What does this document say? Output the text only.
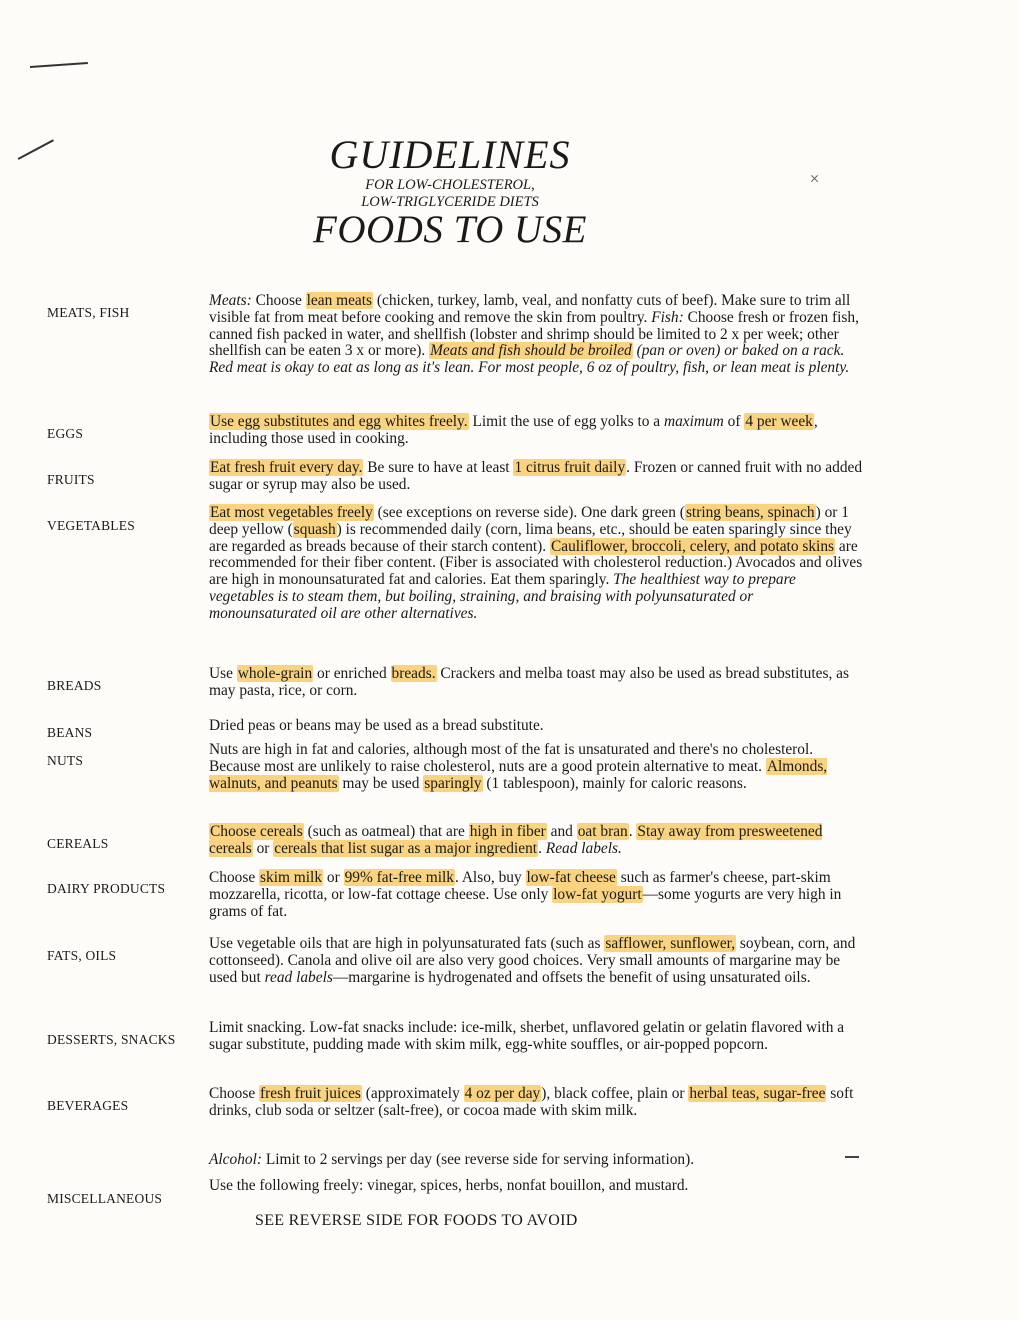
GUIDELINES
FOR LOW-CHOLESTEROL,
LOW-TRIGLYCERIDE DIETS
FOODS TO USE
MEATS, FISH
Meats: Choose lean meats (chicken, turkey, lamb, veal, and nonfatty cuts of beef). Make sure to trim all visible fat from meat before cooking and remove the skin from poultry. Fish: Choose fresh or frozen fish, canned fish packed in water, and shellfish (lobster and shrimp should be limited to 2 x per week; other shellfish can be eaten 3 x or more). Meats and fish should be broiled (pan or oven) or baked on a rack. Red meat is okay to eat as long as it's lean. For most people, 6 oz of poultry, fish, or lean meat is plenty.
EGGS
Use egg substitutes and egg whites freely. Limit the use of egg yolks to a maximum of 4 per week, including those used in cooking.
FRUITS
Eat fresh fruit every day. Be sure to have at least 1 citrus fruit daily. Frozen or canned fruit with no added sugar or syrup may also be used.
VEGETABLES
Eat most vegetables freely (see exceptions on reverse side). One dark green (string beans, spinach) or 1 deep yellow (squash) is recommended daily (corn, lima beans, etc., should be eaten sparingly since they are regarded as breads because of their starch content). Cauliflower, broccoli, celery, and potato skins are recommended for their fiber content. (Fiber is associated with cholesterol reduction.) Avocados and olives are high in monounsaturated fat and calories. Eat them sparingly. The healthiest way to prepare vegetables is to steam them, but boiling, straining, and braising with polyunsaturated or monounsaturated oil are other alternatives.
BREADS
Use whole-grain or enriched breads. Crackers and melba toast may also be used as bread substitutes, as may pasta, rice, or corn.
BEANS	Dried peas or beans may be used as a bread substitute.
NUTS
Nuts are high in fat and calories, although most of the fat is unsaturated and there's no cholesterol. Because most are unlikely to raise cholesterol, nuts are a good protein alternative to meat. Almonds, walnuts, and peanuts may be used sparingly (1 tablespoon), mainly for caloric reasons.
CEREALS
Choose cereals (such as oatmeal) that are high in fiber and oat bran. Stay away from presweetened cereals or cereals that list sugar as a major ingredient. Read labels.
DAIRY PRODUCTS
Choose skim milk or 99% fat-free milk. Also, buy low-fat cheese such as farmer's cheese, part-skim mozzarella, ricotta, or low-fat cottage cheese. Use only low-fat yogurt—some yogurts are very high in grams of fat.
FATS, OILS
Use vegetable oils that are high in polyunsaturated fats (such as safflower, sunflower, soybean, corn, and cottonseed). Canola and olive oil are also very good choices. Very small amounts of margarine may be used but read labels—margarine is hydrogenated and offsets the benefit of using unsaturated oils.
DESSERTS, SNACKS
Limit snacking. Low-fat snacks include: ice-milk, sherbet, unflavored gelatin or gelatin flavored with a sugar substitute, pudding made with skim milk, egg-white souffles, or air-popped popcorn.
BEVERAGES
Choose fresh fruit juices (approximately 4 oz per day), black coffee, plain or herbal teas, sugar-free soft drinks, club soda or seltzer (salt-free), or cocoa made with skim milk.
Alcohol: Limit to 2 servings per day (see reverse side for serving information).
MISCELLANEOUS
Use the following freely: vinegar, spices, herbs, nonfat bouillon, and mustard.
SEE REVERSE SIDE FOR FOODS TO AVOID
